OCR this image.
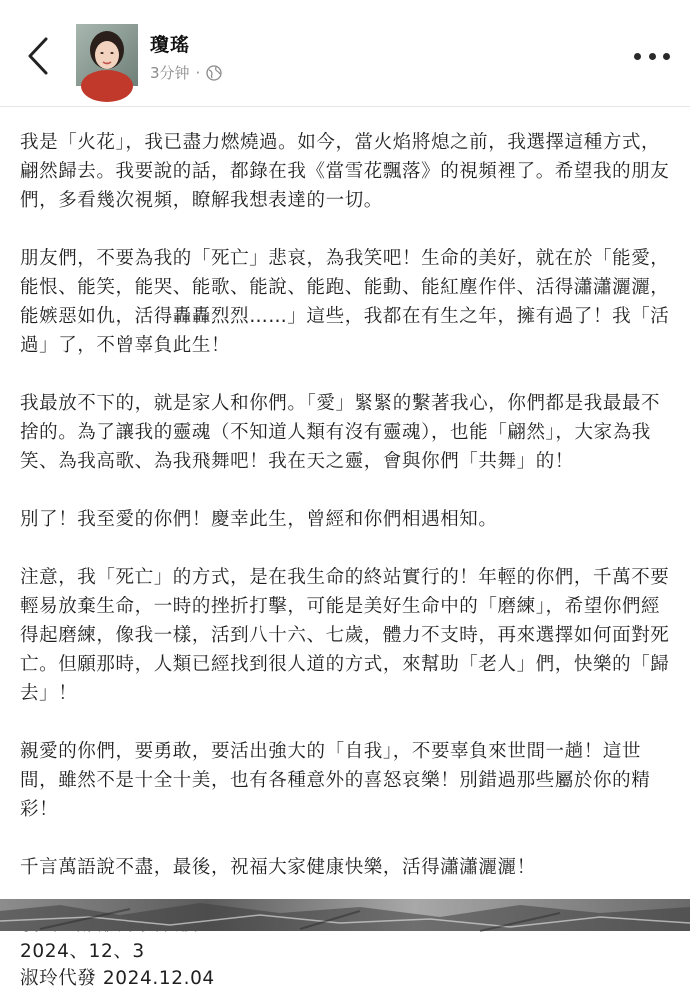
瓊瑤
3分钟 ·

我是「火花」，我已盡力燃燒過。如今，當火焰將熄之前，我選擇這種方式，翩然歸去。我要說的話，都錄在我《當雪花飄落》的視頻裡了。希望我的朋友們，多看幾次視頻，瞭解我想表達的一切。

朋友們，不要為我的「死亡」悲哀，為我笑吧！生命的美好，就在於「能愛，能恨、能笑，能哭、能歌、能說、能跑、能動、能紅塵作伴、活得瀟瀟灑灑，能嫉惡如仇，活得轟轟烈烈……」這些，我都在有生之年，擁有過了！我「活過」了，不曾辜負此生！

我最放不下的，就是家人和你們。「愛」緊緊的繫著我心，你們都是我最最不捨的。為了讓我的靈魂（不知道人類有沒有靈魂），也能「翩然」，大家為我笑、為我高歌、為我飛舞吧！我在天之靈，會與你們「共舞」的！

別了！我至愛的你們！慶幸此生，曾經和你們相遇相知。

注意，我「死亡」的方式，是在我生命的終站實行的！年輕的你們，千萬不要輕易放棄生命，一時的挫折打擊，可能是美好生命中的「磨練」，希望你們經得起磨練，像我一樣，活到八十六、七歲，體力不支時，再來選擇如何面對死亡。但願那時，人類已經找到很人道的方式，來幫助「老人」們，快樂的「歸去」！

親愛的你們，要勇敢，要活出強大的「自我」，不要辜負來世間一趟！這世間，雖然不是十全十美，也有各種意外的喜怒哀樂！別錯過那些屬於你的精彩！

千言萬語說不盡，最後，祝福大家健康快樂，活得瀟瀟灑灑！

2024、12、3

淑玲代發 2024.12.04
